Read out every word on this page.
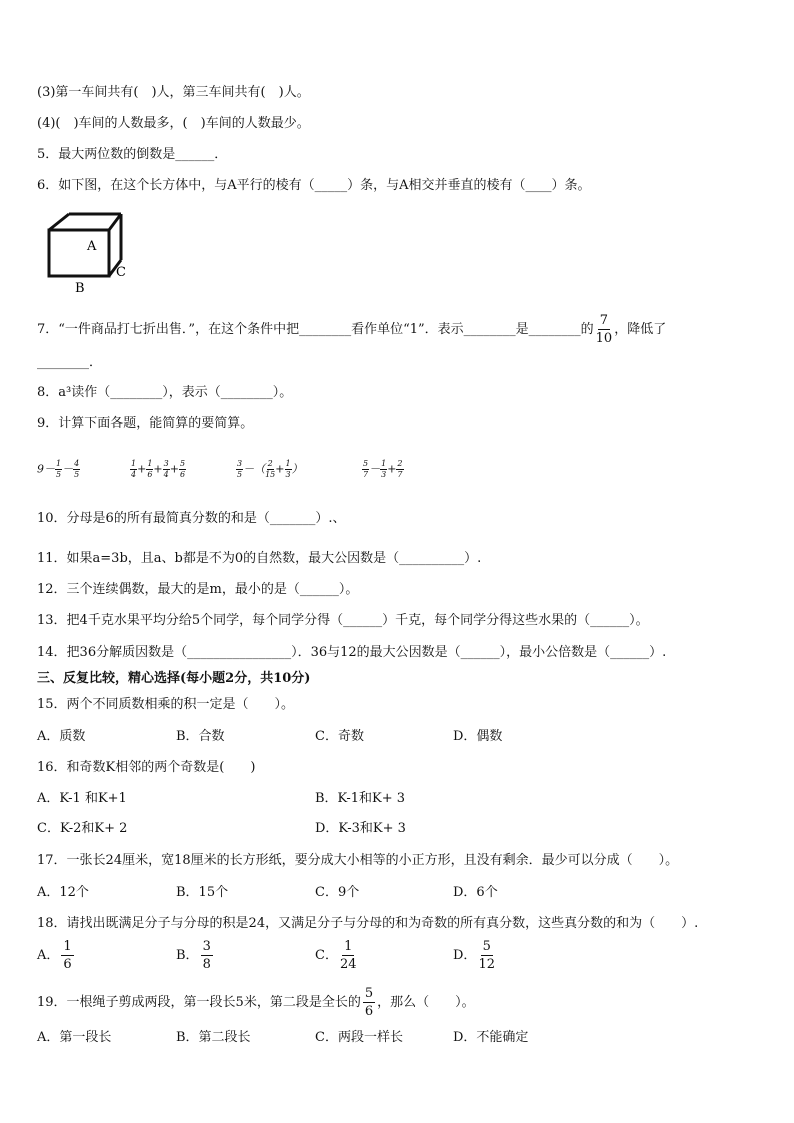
(3)第一车间共有(　)人，第三车间共有(　)人。
(4)(　)车间的人数最多，(　)车间的人数最少。
5．最大两位数的倒数是______．
6．如下图，在这个长方体中，与A平行的棱有（_____）条，与A相交并垂直的棱有（____）条。
A
C
B
7．“一件商品打七折出售．”，在这个条件中把________看作单位“1”．表示________是________的 $\frac{7}{10}$ ，降低了
________．
8．a³读作（________），表示（________）。
9．计算下面各题，能简算的要简算。
$9- \frac{1}{5} - \frac{4}{5}$	$\frac{1}{4} + \frac{1}{6} + \frac{3}{4} + \frac{5}{6}$	$\frac{3}{5}$ －（ $\frac{2}{15} + \frac{1}{3}$ ）	$\frac{5}{7} - \frac{1}{3} + \frac{2}{7}$
10．分母是6的所有最简真分数的和是（_______）.、
11．如果a=3b，且a、b都是不为0的自然数，最大公因数是（__________）.
12．三个连续偶数，最大的是m，最小的是（______）。
13．把4千克水果平均分给5个同学，每个同学分得（______）千克，每个同学分得这些水果的（______）。
14．把36分解质因数是（________________）．36与12的最大公因数是（______），最小公倍数是（______）.
三、反复比较，精心选择(每小题2分，共10分)
15．两个不同质数相乘的积一定是（　　）。
A．质数	B．合数	C．奇数	D．偶数
16．和奇数K相邻的两个奇数是(　　)
A．K-1 和K+1	B．K-1和K+ 3
C．K-2和K+ 2	D．K-3和K+ 3
17．一张长24厘米，宽18厘米的长方形纸，要分成大小相等的小正方形，且没有剩余．最少可以分成（　　）。
A．12个	B．15个	C．9个	D．6个
18．请找出既满足分子与分母的积是24，又满足分子与分母的和为奇数的所有真分数，这些真分数的和为（　　）.
A． $\frac{1}{6}$	B． $\frac{3}{8}$	C． $\frac{1}{24}$	D． $\frac{5}{12}$
19．一根绳子剪成两段，第一段长5米，第二段是全长的 $\frac{5}{6}$ ，那么（　　）。
A．第一段长	B．第二段长	C．两段一样长	D．不能确定
